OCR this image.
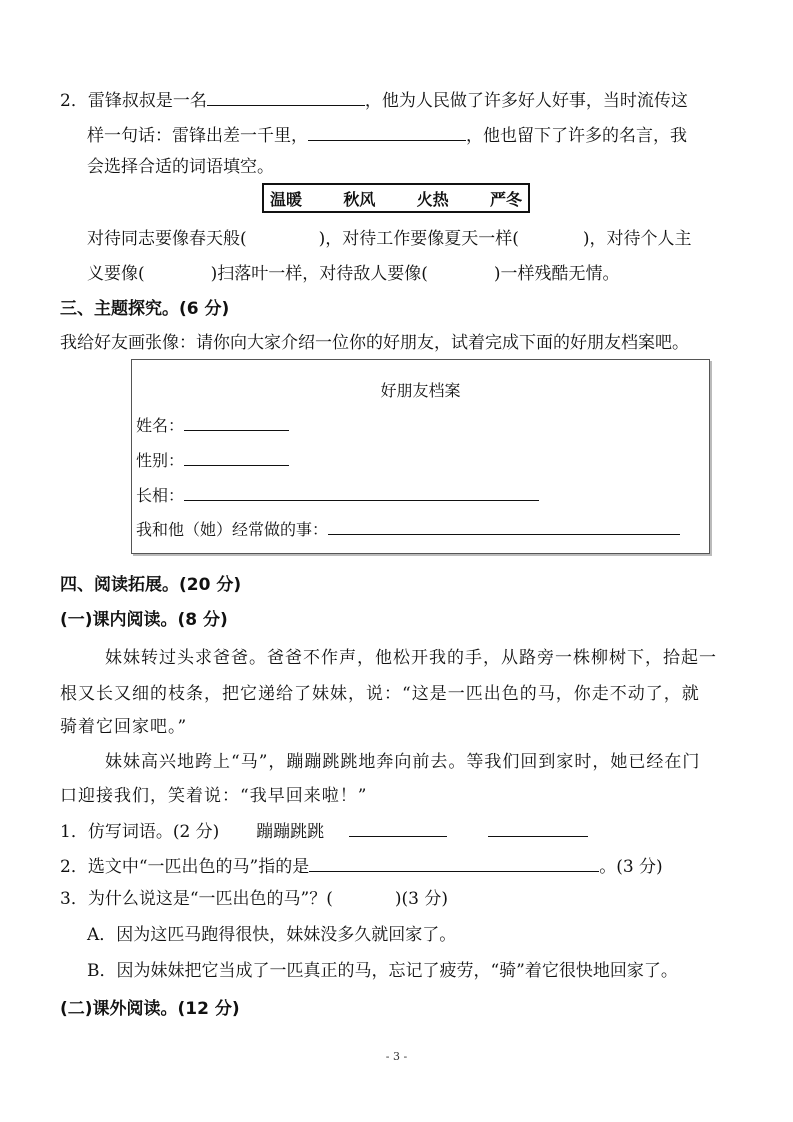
2．雷锋叔叔是一名	，他为人民做了许多好人好事，当时流传这
样一句话：雷锋出差一千里，	，他也留下了许多的名言，我
会选择合适的词语填空。
温暖	秋风	火热	严冬
对待同志要像春天般(	)，对待工作要像夏天一样(	)，对待个人主
义要像(	)扫落叶一样，对待敌人要像(	)一样残酷无情。
三、主题探究。(6 分)
我给好友画张像：请你向大家介绍一位你的好朋友，试着完成下面的好朋友档案吧。
好朋友档案
姓名：
性别：
长相：
我和他（她）经常做的事：
四、阅读拓展。(20 分)
(一)课内阅读。(8 分)
妹妹转过头求爸爸。爸爸不作声，他松开我的手，从路旁一株柳树下，拾起一
根又长又细的枝条，把它递给了妹妹，说：“这是一匹出色的马，你走不动了，就
骑着它回家吧。”
妹妹高兴地跨上“马”，蹦蹦跳跳地奔向前去。等我们回到家时，她已经在门
口迎接我们，笑着说：“我早回来啦！”
1．仿写词语。(2 分) 蹦蹦跳跳
2．选文中“一匹出色的马”指的是	。(3 分)
3．为什么说这是“一匹出色的马”？(	)(3 分)
A．因为这匹马跑得很快，妹妹没多久就回家了。
B．因为妹妹把它当成了一匹真正的马，忘记了疲劳，“骑”着它很快地回家了。
(二)课外阅读。(12 分)
- 3 -
